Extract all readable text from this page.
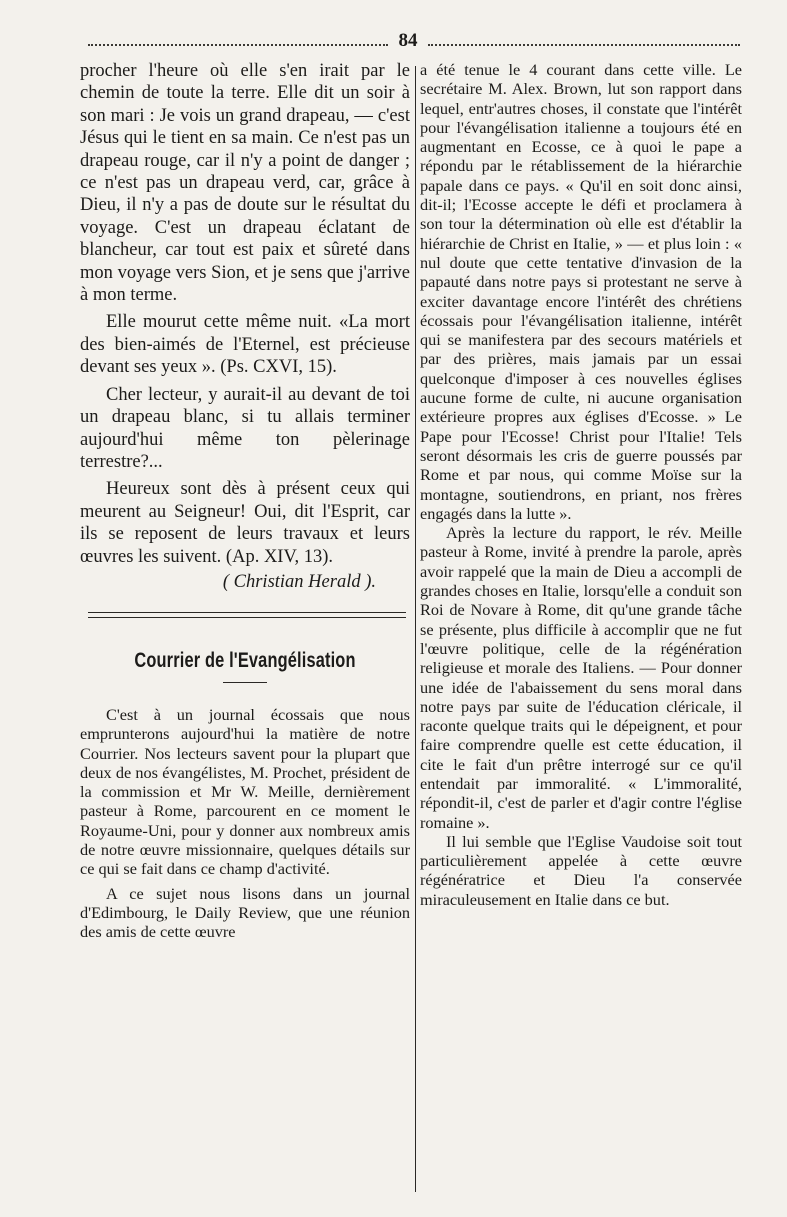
84

procher l'heure où elle s'en irait par le chemin de toute la terre. Elle dit un soir à son mari : Je vois un grand drapeau, — c'est Jésus qui le tient en sa main. Ce n'est pas un drapeau rouge, car il n'y a point de danger ; ce n'est pas un drapeau verd, car, grâce à Dieu, il n'y a pas de doute sur le résultat du voyage. C'est un drapeau éclatant de blancheur, car tout est paix et sûreté dans mon voyage vers Sion, et je sens que j'arrive à mon terme.

Elle mourut cette même nuit. «La mort des bien-aimés de l'Eternel, est précieuse devant ses yeux ». (Ps. CXVI, 15).

Cher lecteur, y aurait-il au devant de toi un drapeau blanc, si tu allais terminer aujourd'hui même ton pèlerinage terrestre?...

Heureux sont dès à présent ceux qui meurent au Seigneur! Oui, dit l'Esprit, car ils se reposent de leurs travaux et leurs œuvres les suivent. (Ap. XIV, 13).

( Christian Herald ).
Courrier de l'Evangélisation

C'est à un journal écossais que nous emprunterons aujourd'hui la matière de notre Courrier. Nos lecteurs savent pour la plupart que deux de nos évangélistes, M. Prochet, président de la commission et Mr W. Meille, dernièrement pasteur à Rome, parcourent en ce moment le Royaume-Uni, pour y donner aux nombreux amis de notre œuvre missionnaire, quelques détails sur ce qui se fait dans ce champ d'activité.

A ce sujet nous lisons dans un journal d'Edimbourg, le Daily Review, que une réunion des amis de cette œuvre

a été tenue le 4 courant dans cette ville. Le secrétaire M. Alex. Brown, lut son rapport dans lequel, entr'autres choses, il constate que l'intérêt pour l'évangélisation italienne a toujours été en augmentant en Ecosse, ce à quoi le pape a répondu par le rétablissement de la hiérarchie papale dans ce pays. « Qu'il en soit donc ainsi, dit-il; l'Ecosse accepte le défi et proclamera à son tour la détermination où elle est d'établir la hiérarchie de Christ en Italie, » — et plus loin : « nul doute que cette tentative d'invasion de la papauté dans notre pays si protestant ne serve à exciter davantage encore l'intérêt des chrétiens écossais pour l'évangélisation italienne, intérêt qui se manifestera par des secours matériels et par des prières, mais jamais par un essai quelconque d'imposer à ces nouvelles églises aucune forme de culte, ni aucune organisation extérieure propres aux églises d'Ecosse. » Le Pape pour l'Ecosse! Christ pour l'Italie! Tels seront désormais les cris de guerre poussés par Rome et par nous, qui comme Moïse sur la montagne, soutiendrons, en priant, nos frères engagés dans la lutte ».

Après la lecture du rapport, le rév. Meille pasteur à Rome, invité à prendre la parole, après avoir rappelé que la main de Dieu a accompli de grandes choses en Italie, lorsqu'elle a conduit son Roi de Novare à Rome, dit qu'une grande tâche se présente, plus difficile à accomplir que ne fut l'œuvre politique, celle de la régénération religieuse et morale des Italiens. — Pour donner une idée de l'abaissement du sens moral dans notre pays par suite de l'éducation cléricale, il raconte quelque traits qui le dépeignent, et pour faire comprendre quelle est cette éducation, il cite le fait d'un prêtre interrogé sur ce qu'il entendait par immoralité. « L'immoralité, répondit-il, c'est de parler et d'agir contre l'église romaine ».

Il lui semble que l'Eglise Vaudoise soit tout particulièrement appelée à cette œuvre régénératrice et Dieu l'a conservée miraculeusement en Italie dans ce but.
